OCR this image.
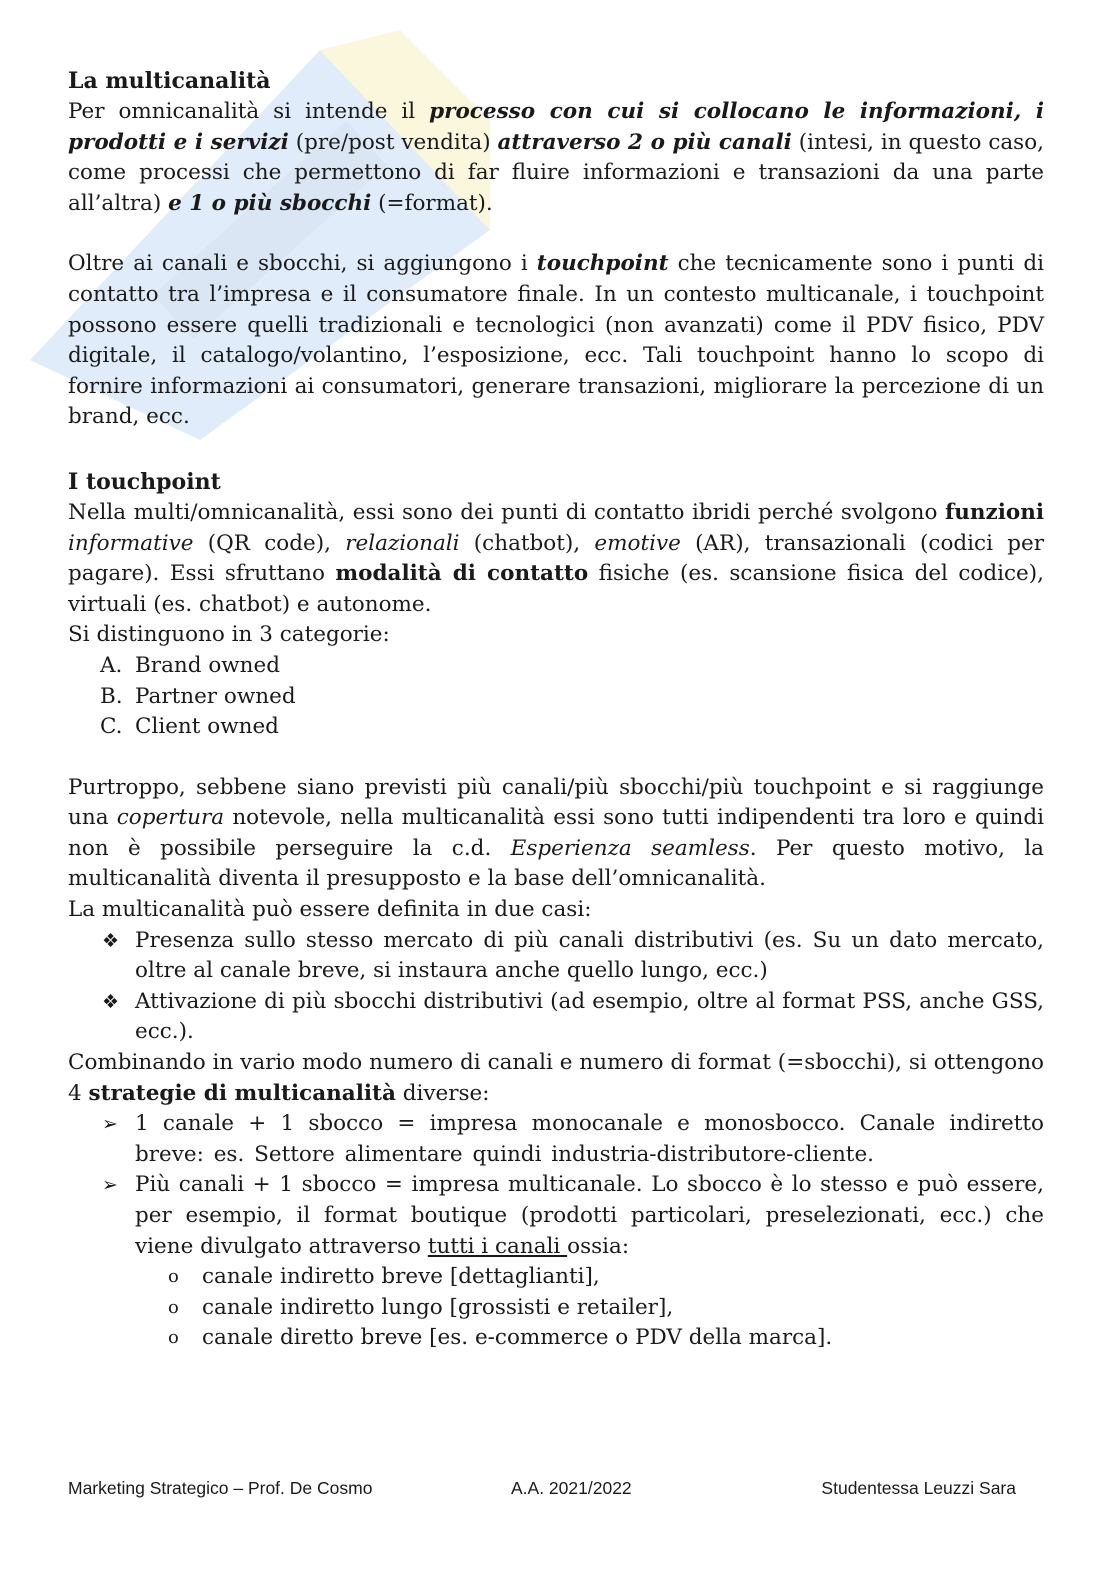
La multicanalità

Per omnicanalità si intende il processo con cui si collocano le informazioni, i prodotti e i servizi (pre/post vendita) attraverso 2 o più canali (intesi, in questo caso, come processi che permettono di far fluire informazioni e transazioni da una parte all’altra) e 1 o più sbocchi (=format).

Oltre ai canali e sbocchi, si aggiungono i touchpoint che tecnicamente sono i punti di contatto tra l’impresa e il consumatore finale. In un contesto multicanale, i touchpoint possono essere quelli tradizionali e tecnologici (non avanzati) come il PDV fisico, PDV digitale, il catalogo/volantino, l’esposizione, ecc. Tali touchpoint hanno lo scopo di fornire informazioni ai consumatori, generare transazioni, migliorare la percezione di un brand, ecc.

I touchpoint

Nella multi/omnicanalità, essi sono dei punti di contatto ibridi perché svolgono funzioni informative (QR code), relazionali (chatbot), emotive (AR), transazionali (codici per pagare). Essi sfruttano modalità di contatto fisiche (es. scansione fisica del codice), virtuali (es. chatbot) e autonome.

Si distinguono in 3 categorie:

A. Brand owned
B. Partner owned
C. Client owned

Purtroppo, sebbene siano previsti più canali/più sbocchi/più touchpoint e si raggiunge una copertura notevole, nella multicanalità essi sono tutti indipendenti tra loro e quindi non è possibile perseguire la c.d. Esperienza seamless. Per questo motivo, la multicanalità diventa il presupposto e la base dell’omnicanalità.

La multicanalità può essere definita in due casi:

❖ Presenza sullo stesso mercato di più canali distributivi (es. Su un dato mercato, oltre al canale breve, si instaura anche quello lungo, ecc.)
❖ Attivazione di più sbocchi distributivi (ad esempio, oltre al format PSS, anche GSS, ecc.).

Combinando in vario modo numero di canali e numero di format (=sbocchi), si ottengono 4 strategie di multicanalità diverse:

➢ 1 canale + 1 sbocco = impresa monocanale e monosbocco. Canale indiretto breve: es. Settore alimentare quindi industria-distributore-cliente.
➢ Più canali + 1 sbocco = impresa multicanale. Lo sbocco è lo stesso e può essere, per esempio, il format boutique (prodotti particolari, preselezionati, ecc.) che viene divulgato attraverso tutti i canali ossia:
o canale indiretto breve [dettaglianti],
o canale indiretto lungo [grossisti e retailer],
o canale diretto breve [es. e-commerce o PDV della marca].
Marketing Strategico – Prof. De Cosmo	A.A. 2021/2022	Studentessa Leuzzi Sara
